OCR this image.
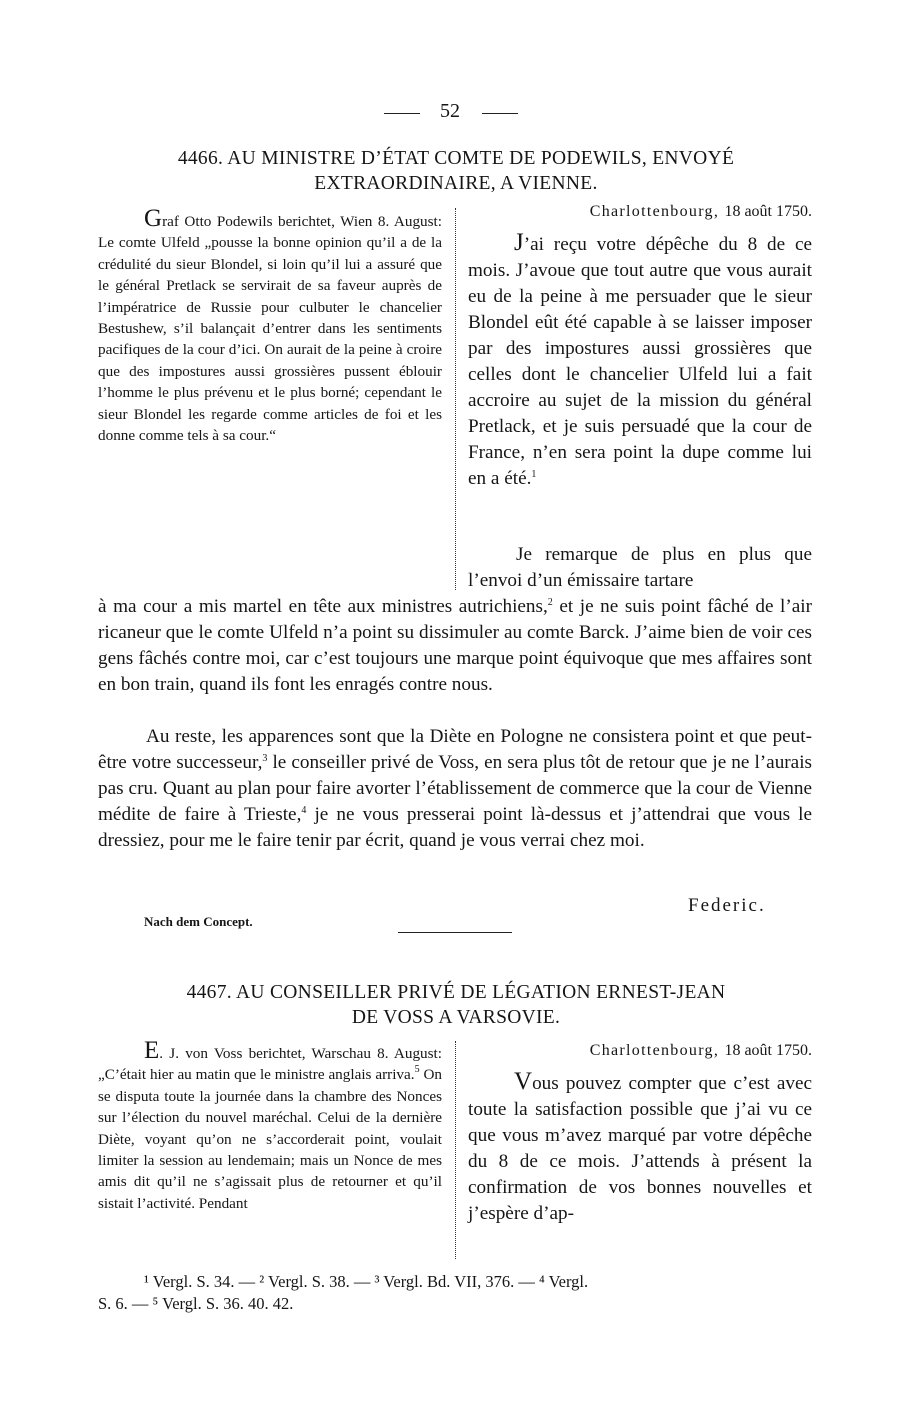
52
4466. AU MINISTRE D’ÉTAT COMTE DE PODEWILS, ENVOYÉ
EXTRAORDINAIRE, A VIENNE.
Graf Otto Podewils berichtet, Wien 8. August: Le comte Ulfeld „pousse la bonne opinion qu’il a de la crédulité du sieur Blondel, si loin qu’il lui a assuré que le général Pretlack se servirait de sa faveur auprès de l’impératrice de Russie pour culbuter le chancelier Bestushew, s’il balançait d’entrer dans les sentiments pacifiques de la cour d’ici. On aurait de la peine à croire que des impostures aussi grossières pussent éblouir l’homme le plus prévenu et le plus borné; cependant le sieur Blondel les regarde comme articles de foi et les donne comme tels à sa cour.“
Charlottenbourg, 18 août 1750.
J’ai reçu votre dépêche du 8 de ce mois. J’avoue que tout autre que vous aurait eu de la peine à me persuader que le sieur Blondel eût été capable à se laisser imposer par des impostures aussi grossières que celles dont le chancelier Ulfeld lui a fait accroire au sujet de la mission du général Pretlack, et je suis persuadé que la cour de France, n’en sera point la dupe comme lui en a été.$^1$
Je remarque de plus en plus que l’envoi d’un émissaire tartare
à ma cour a mis martel en tête aux ministres autrichiens,$^2$ et je ne suis point fâché de l’air ricaneur que le comte Ulfeld n’a point su dissimuler au comte Barck. J’aime bien de voir ces gens fâchés contre moi, car c’est toujours une marque point équivoque que mes affaires sont en bon train, quand ils font les enragés contre nous.
Au reste, les apparences sont que la Diète en Pologne ne consistera point et que peut-être votre successeur,$^3$ le conseiller privé de Voss, en sera plus tôt de retour que je ne l’aurais pas cru. Quant au plan pour faire avorter l’établissement de commerce que la cour de Vienne médite de faire à Trieste,$^4$ je ne vous presserai point là-dessus et j’attendrai que vous le dressiez, pour me le faire tenir par écrit, quand je vous verrai chez moi.
Federic.
Nach dem Concept.
4467. AU CONSEILLER PRIVÉ DE LÉGATION ERNEST-JEAN
DE VOSS A VARSOVIE.
E. J. von Voss berichtet, Warschau 8. August: „C’était hier au matin que le ministre anglais arriva.$^5$ On se disputa toute la journée dans la chambre des Nonces sur l’élection du nouvel maréchal. Celui de la dernière Diète, voyant qu’on ne s’accorderait point, voulait limiter la session au lendemain; mais un Nonce de mes amis dit qu’il ne s’agissait plus de retourner et qu’il sistait l’activité. Pendant
Charlottenbourg, 18 août 1750.
Vous pouvez compter que c’est avec toute la satisfaction possible que j’ai vu ce que vous m’avez marqué par votre dépêche du 8 de ce mois. J’attends à présent la confirmation de vos bonnes nouvelles et j’espère d’ap-
¹ Vergl. S. 34. — ² Vergl. S. 38. — ³ Vergl. Bd. VII, 376. — ⁴ Vergl.
S. 6. — ⁵ Vergl. S. 36. 40. 42.
